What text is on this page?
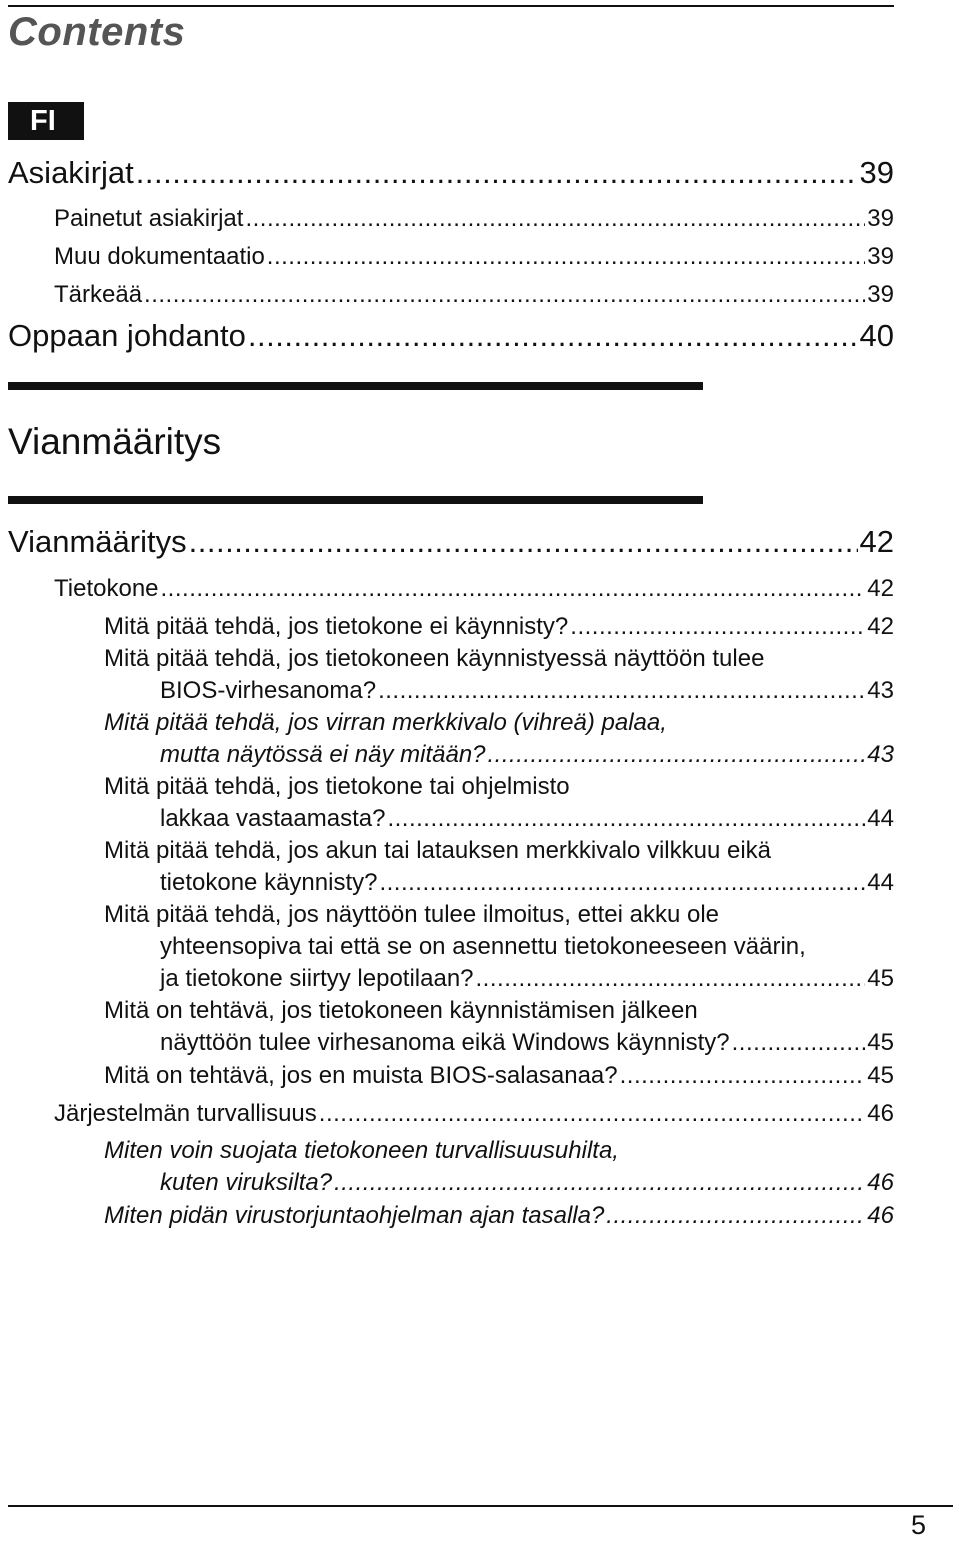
Contents
FI
Asiakirjat .....	39
Painetut asiakirjat .....	39
Muu dokumentaatio .....	39
Tärkeää .....	39
Oppaan johdanto .....	40
Vianmääritys
Vianmääritys .....	42
Tietokone .....	42
Mitä pitää tehdä, jos tietokone ei käynnisty? .....	42
Mitä pitää tehdä, jos tietokoneen käynnistyessä näyttöön tulee
BIOS-virhesanoma? .....	43
Mitä pitää tehdä, jos virran merkkivalo (vihreä) palaa,
mutta näytössä ei näy mitään? .....	43
Mitä pitää tehdä, jos tietokone tai ohjelmisto
lakkaa vastaamasta? .....	44
Mitä pitää tehdä, jos akun tai latauksen merkkivalo vilkkuu eikä
tietokone käynnisty? .....	44
Mitä pitää tehdä, jos näyttöön tulee ilmoitus, ettei akku ole
yhteensopiva tai että se on asennettu tietokoneeseen väärin,
ja tietokone siirtyy lepotilaan? .....	45
Mitä on tehtävä, jos tietokoneen käynnistämisen jälkeen
näyttöön tulee virhesanoma eikä Windows käynnisty? .....	45
Mitä on tehtävä, jos en muista BIOS-salasanaa? .....	45
Järjestelmän turvallisuus .....	46
Miten voin suojata tietokoneen turvallisuusuhilta,
kuten viruksilta? .....	46
Miten pidän virustorjuntaohjelman ajan tasalla? .....	46
5
